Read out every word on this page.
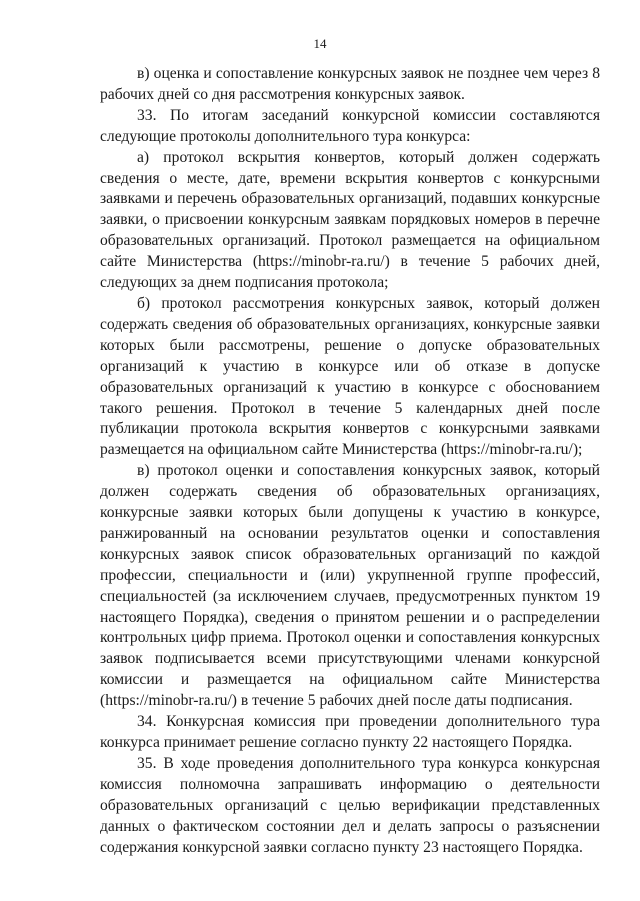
14

в) оценка и сопоставление конкурсных заявок не позднее чем через 8 рабочих дней со дня рассмотрения конкурсных заявок.

33. По итогам заседаний конкурсной комиссии составляются следующие протоколы дополнительного тура конкурса:

а) протокол вскрытия конвертов, который должен содержать сведения о месте, дате, времени вскрытия конвертов с конкурсными заявками и перечень образовательных организаций, подавших конкурсные заявки, о присвоении конкурсным заявкам порядковых номеров в перечне образовательных организаций. Протокол размещается на официальном сайте Министерства (https://minobr-ra.ru/) в течение 5 рабочих дней, следующих за днем подписания протокола;

б) протокол рассмотрения конкурсных заявок, который должен содержать сведения об образовательных организациях, конкурсные заявки которых были рассмотрены, решение о допуске образовательных организаций к участию в конкурсе или об отказе в допуске образовательных организаций к участию в конкурсе с обоснованием такого решения. Протокол в течение 5 календарных дней после публикации протокола вскрытия конвертов с конкурсными заявками размещается на официальном сайте Министерства (https://minobr-ra.ru/);

в) протокол оценки и сопоставления конкурсных заявок, который должен содержать сведения об образовательных организациях, конкурсные заявки которых были допущены к участию в конкурсе, ранжированный на основании результатов оценки и сопоставления конкурсных заявок список образовательных организаций по каждой профессии, специальности и (или) укрупненной группе профессий, специальностей (за исключением случаев, предусмотренных пунктом 19 настоящего Порядка), сведения о принятом решении и о распределении контрольных цифр приема. Протокол оценки и сопоставления конкурсных заявок подписывается всеми присутствующими членами конкурсной комиссии и размещается на официальном сайте Министерства (https://minobr-ra.ru/) в течение 5 рабочих дней после даты подписания.

34. Конкурсная комиссия при проведении дополнительного тура конкурса принимает решение согласно пункту 22 настоящего Порядка.

35. В ходе проведения дополнительного тура конкурса конкурсная комиссия полномочна запрашивать информацию о деятельности образовательных организаций с целью верификации представленных данных о фактическом состоянии дел и делать запросы о разъяснении содержания конкурсной заявки согласно пункту 23 настоящего Порядка.
